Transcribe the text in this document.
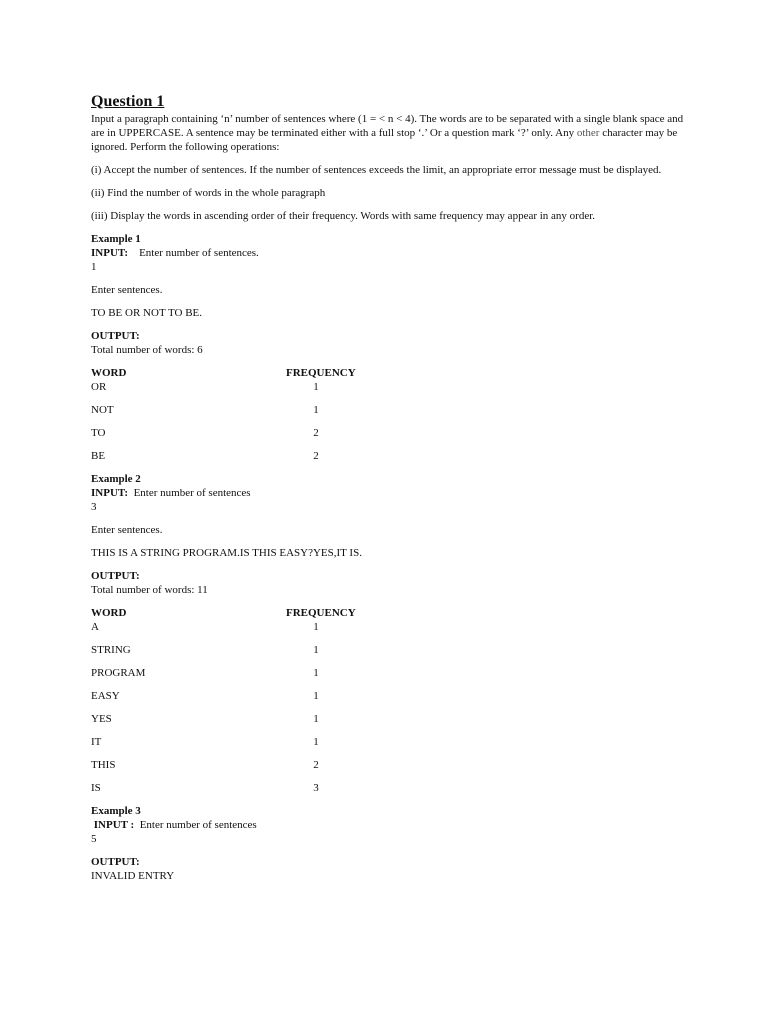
Question 1

Input a paragraph containing ‘n’ number of sentences where (1 = < n < 4). The words are to be separated with a single blank space and are in UPPERCASE. A sentence may be terminated either with a full stop ‘.’ Or a question mark ‘?’ only. Any other character may be ignored. Perform the following operations:

(i) Accept the number of sentences. If the number of sentences exceeds the limit, an appropriate error message must be displayed.

(ii) Find the number of words in the whole paragraph

(iii) Display the words in ascending order of their frequency. Words with same frequency may appear in any order.

Example 1
INPUT: Enter number of sentences.
1
Enter sentences.
TO BE OR NOT TO BE.
OUTPUT:
Total number of words: 6
WORD	FREQUENCY
OR	1
NOT	1
TO	2
BE	2
Example 2
INPUT: Enter number of sentences
3
Enter sentences.
THIS IS A STRING PROGRAM.IS THIS EASY?YES,IT IS.
OUTPUT:
Total number of words: 11
WORD	FREQUENCY
A	1
STRING	1
PROGRAM	1
EASY	1
YES	1
IT	1
THIS	2
IS	3
Example 3
INPUT : Enter number of sentences
5
OUTPUT:
INVALID ENTRY
